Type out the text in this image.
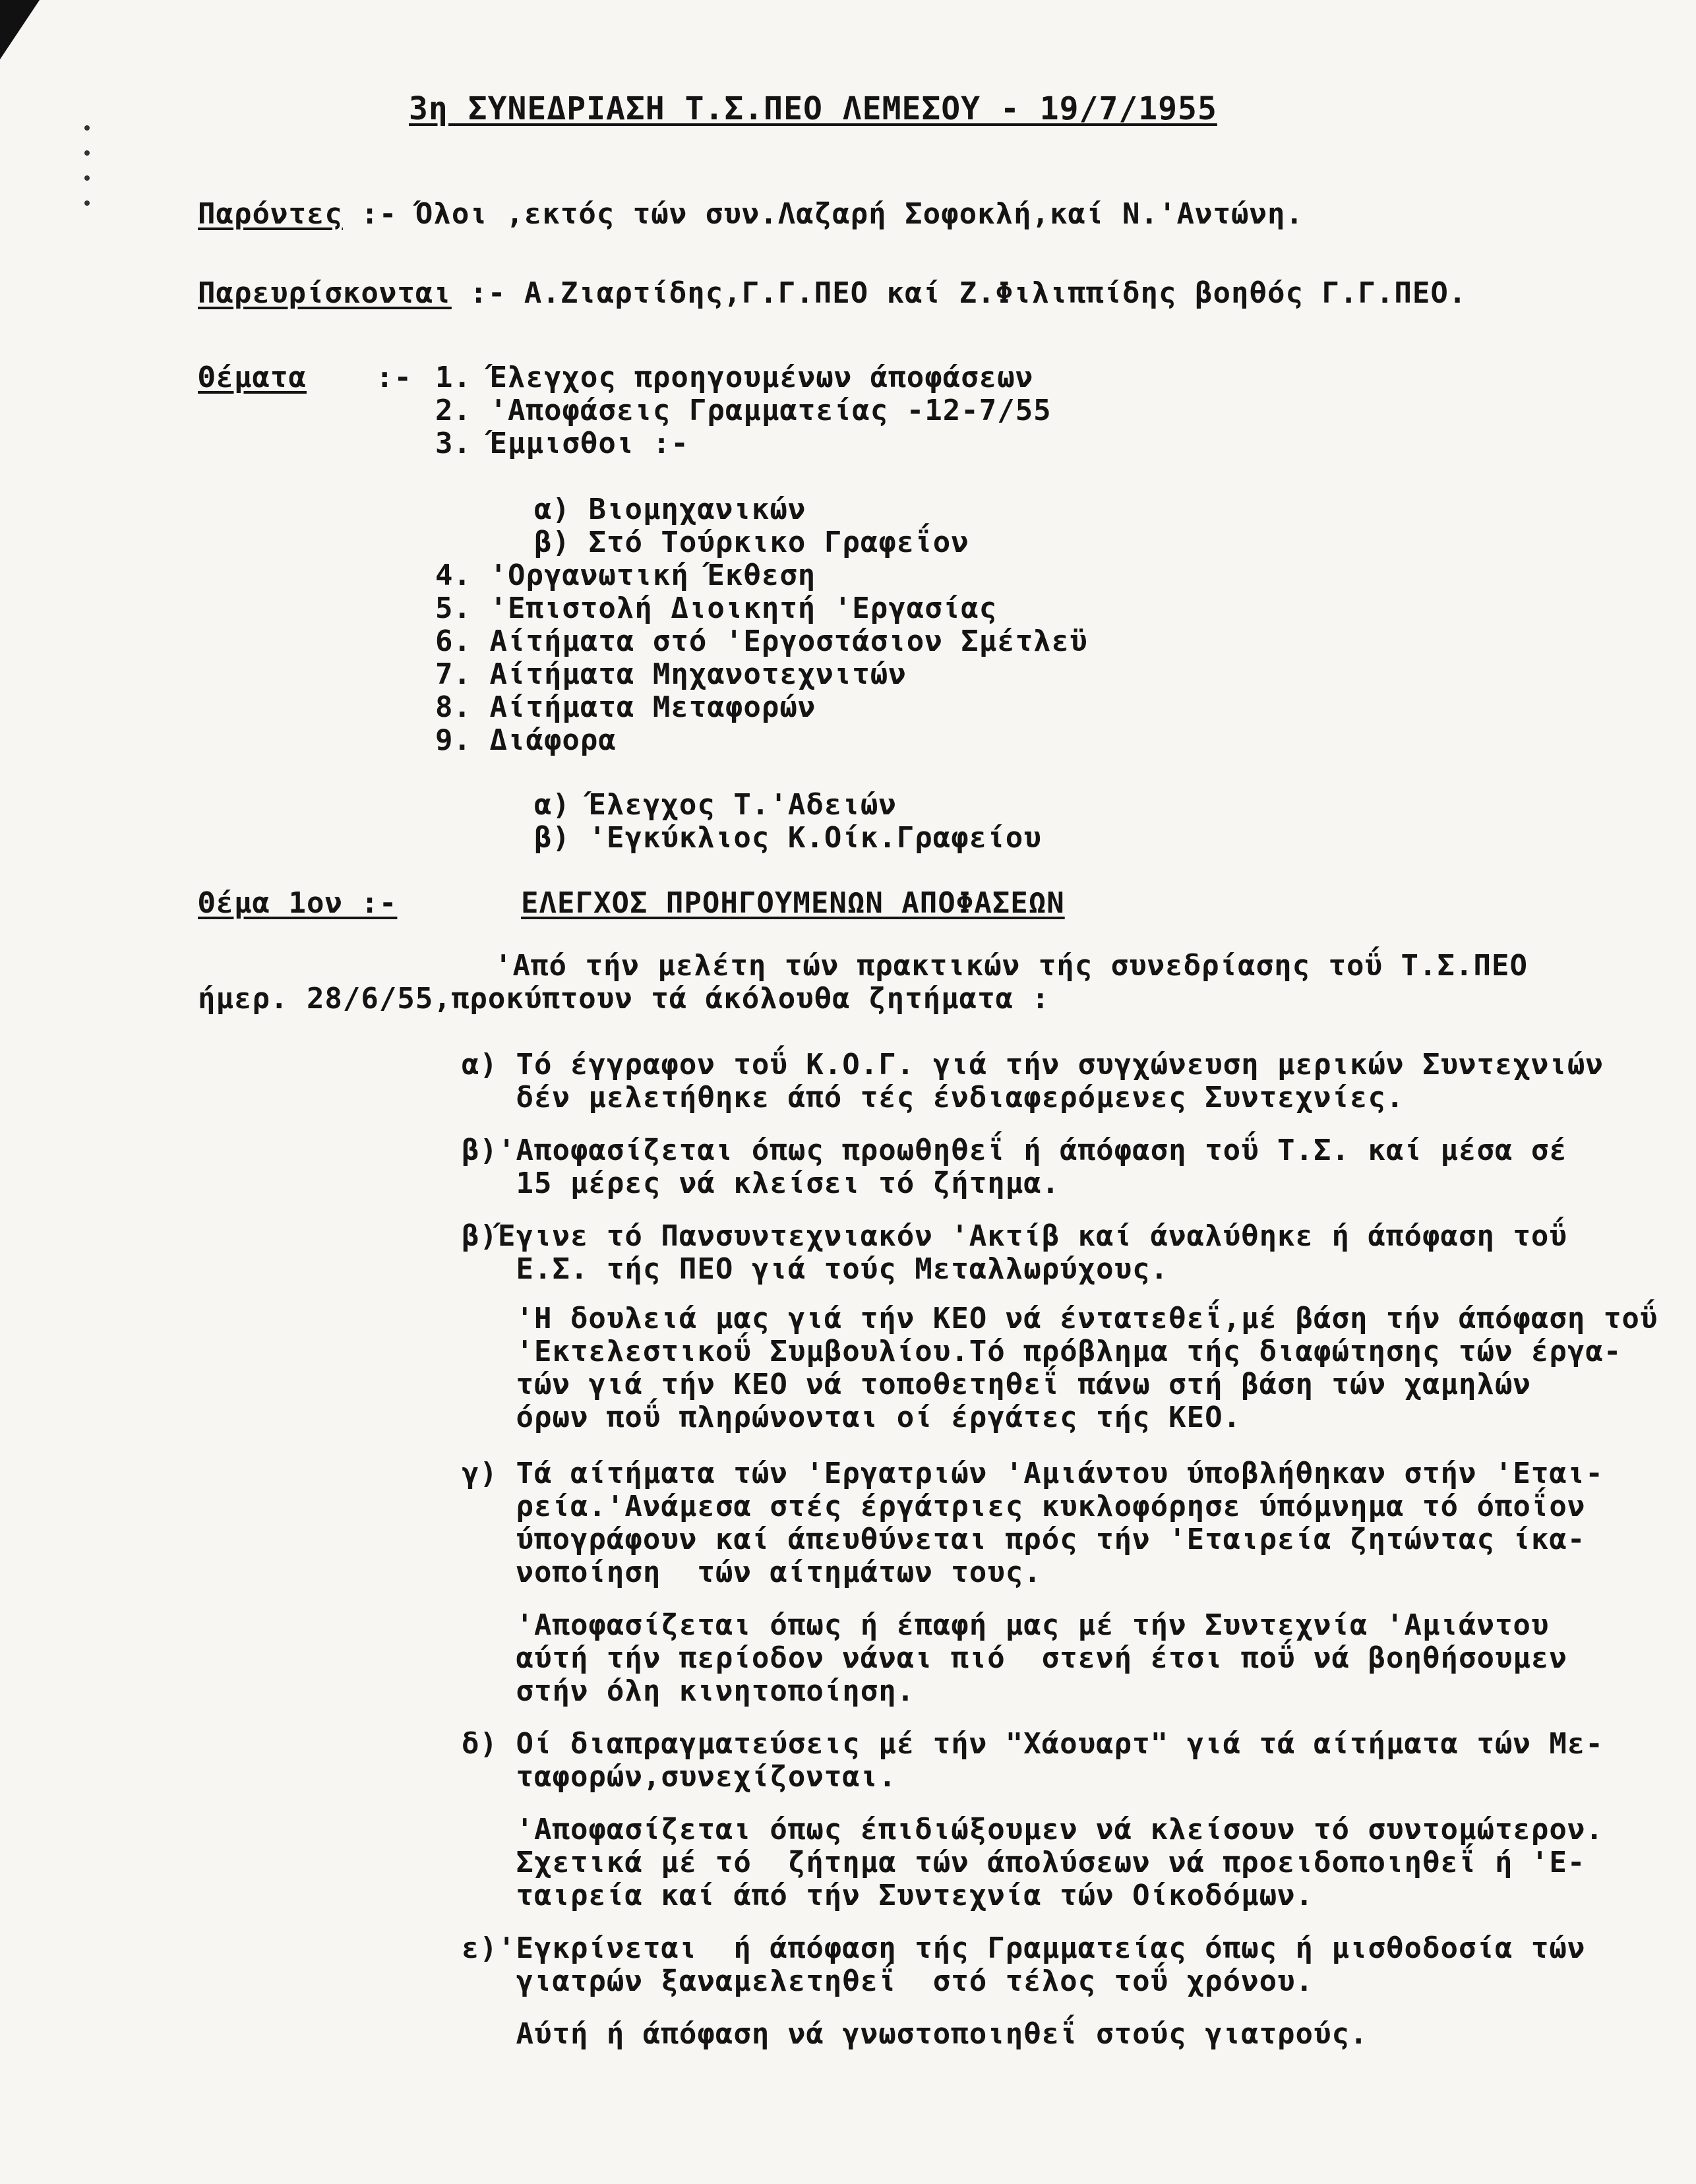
3η ΣΥΝΕΔΡΙΑΣΗ Τ.Σ.ΠΕΟ ΛΕΜΕΣΟΥ - 19/7/1955
Παρόντες :- Όλοι ,εκτός τών συν.Λαζαρή Σοφοκλή,καί Ν.'Αντώνη.
Παρευρίσκονται :- Α.Ζιαρτίδης,Γ.Γ.ΠΕΟ καί Ζ.Φιλιππίδης βοηθός Γ.Γ.ΠΕΟ.
Θέματα :- 1. Έλεγχος προηγουμένων άποφάσεων
2. 'Αποφάσεις Γραμματείας -12-7/55
3. Έμμισθοι :-
α) Βιομηχανικών
β) Στό Τούρκικο Γραφεΐον
4. 'Οργανωτική Έκθεση
5. 'Επιστολή Διοικητή 'Εργασίας
6. Αίτήματα στό 'Εργοστάσιον Σμέτλεϋ
7. Αίτήματα Μηχανοτεχνιτών
8. Αίτήματα Μεταφορών
9. Διάφορα
α) Έλεγχος Τ.'Αδειών
β) 'Εγκύκλιος Κ.Οίκ.Γραφείου
Θέμα 1ον :-	ΕΛΕΓΧΟΣ ΠΡΟΗΓΟΥΜΕΝΩΝ ΑΠΟΦΑΣΕΩΝ
'Από τήν μελέτη τών πρακτικών τής συνεδρίασης τοΰ Τ.Σ.ΠΕΟ
ήμερ. 28/6/55,προκύπτουν τά άκόλουθα ζητήματα :
α) Τό έγγραφον τοΰ Κ.Ο.Γ. γιά τήν συγχώνευση μερικών Συντεχνιών
δέν μελετήθηκε άπό τές ένδιαφερόμενες Συντεχνίες.
β)'Αποφασίζεται όπως προωθηθεΐ ή άπόφαση τοΰ Τ.Σ. καί μέσα σέ
15 μέρες νά κλείσει τό ζήτημα.
β)Έγινε τό Πανσυντεχνιακόν 'Ακτίβ καί άναλύθηκε ή άπόφαση τοΰ
Ε.Σ. τής ΠΕΟ γιά τούς Μεταλλωρύχους.
'Η δουλειά μας γιά τήν ΚΕΟ νά έντατεθεΐ,μέ βάση τήν άπόφαση τοΰ
'Εκτελεστικοΰ Συμβουλίου.Τό πρόβλημα τής διαφώτησης τών έργα-
τών γιά τήν ΚΕΟ νά τοποθετηθεΐ πάνω στή βάση τών χαμηλών
όρων ποΰ πληρώνονται οί έργάτες τής ΚΕΟ.
γ) Τά αίτήματα τών 'Εργατριών 'Αμιάντου ύποβλήθηκαν στήν 'Εται-
ρεία.'Ανάμεσα στές έργάτριες κυκλοφόρησε ύπόμνημα τό όποΐον
ύπογράφουν καί άπευθύνεται πρός τήν 'Εταιρεία ζητώντας ίκα-
νοποίηση  τών αίτημάτων τους.
'Αποφασίζεται όπως ή έπαφή μας μέ τήν Συντεχνία 'Αμιάντου
αύτή τήν περίοδον νάναι πιό  στενή έτσι ποΰ νά βοηθήσουμεν
στήν όλη κινητοποίηση.
δ) Οί διαπραγματεύσεις μέ τήν "Χάουαρτ" γιά τά αίτήματα τών Με-
ταφορών,συνεχίζονται.
'Αποφασίζεται όπως έπιδιώξουμεν νά κλείσουν τό συντομώτερον.
Σχετικά μέ τό  ζήτημα τών άπολύσεων νά προειδοποιηθεΐ ή 'Ε-
ταιρεία καί άπό τήν Συντεχνία τών Οίκοδόμων.
ε)'Εγκρίνεται  ή άπόφαση τής Γραμματείας όπως ή μισθοδοσία τών
γιατρών ξαναμελετηθεΐ  στό τέλος τοΰ χρόνου.
Αύτή ή άπόφαση νά γνωστοποιηθεΐ στούς γιατρούς.
